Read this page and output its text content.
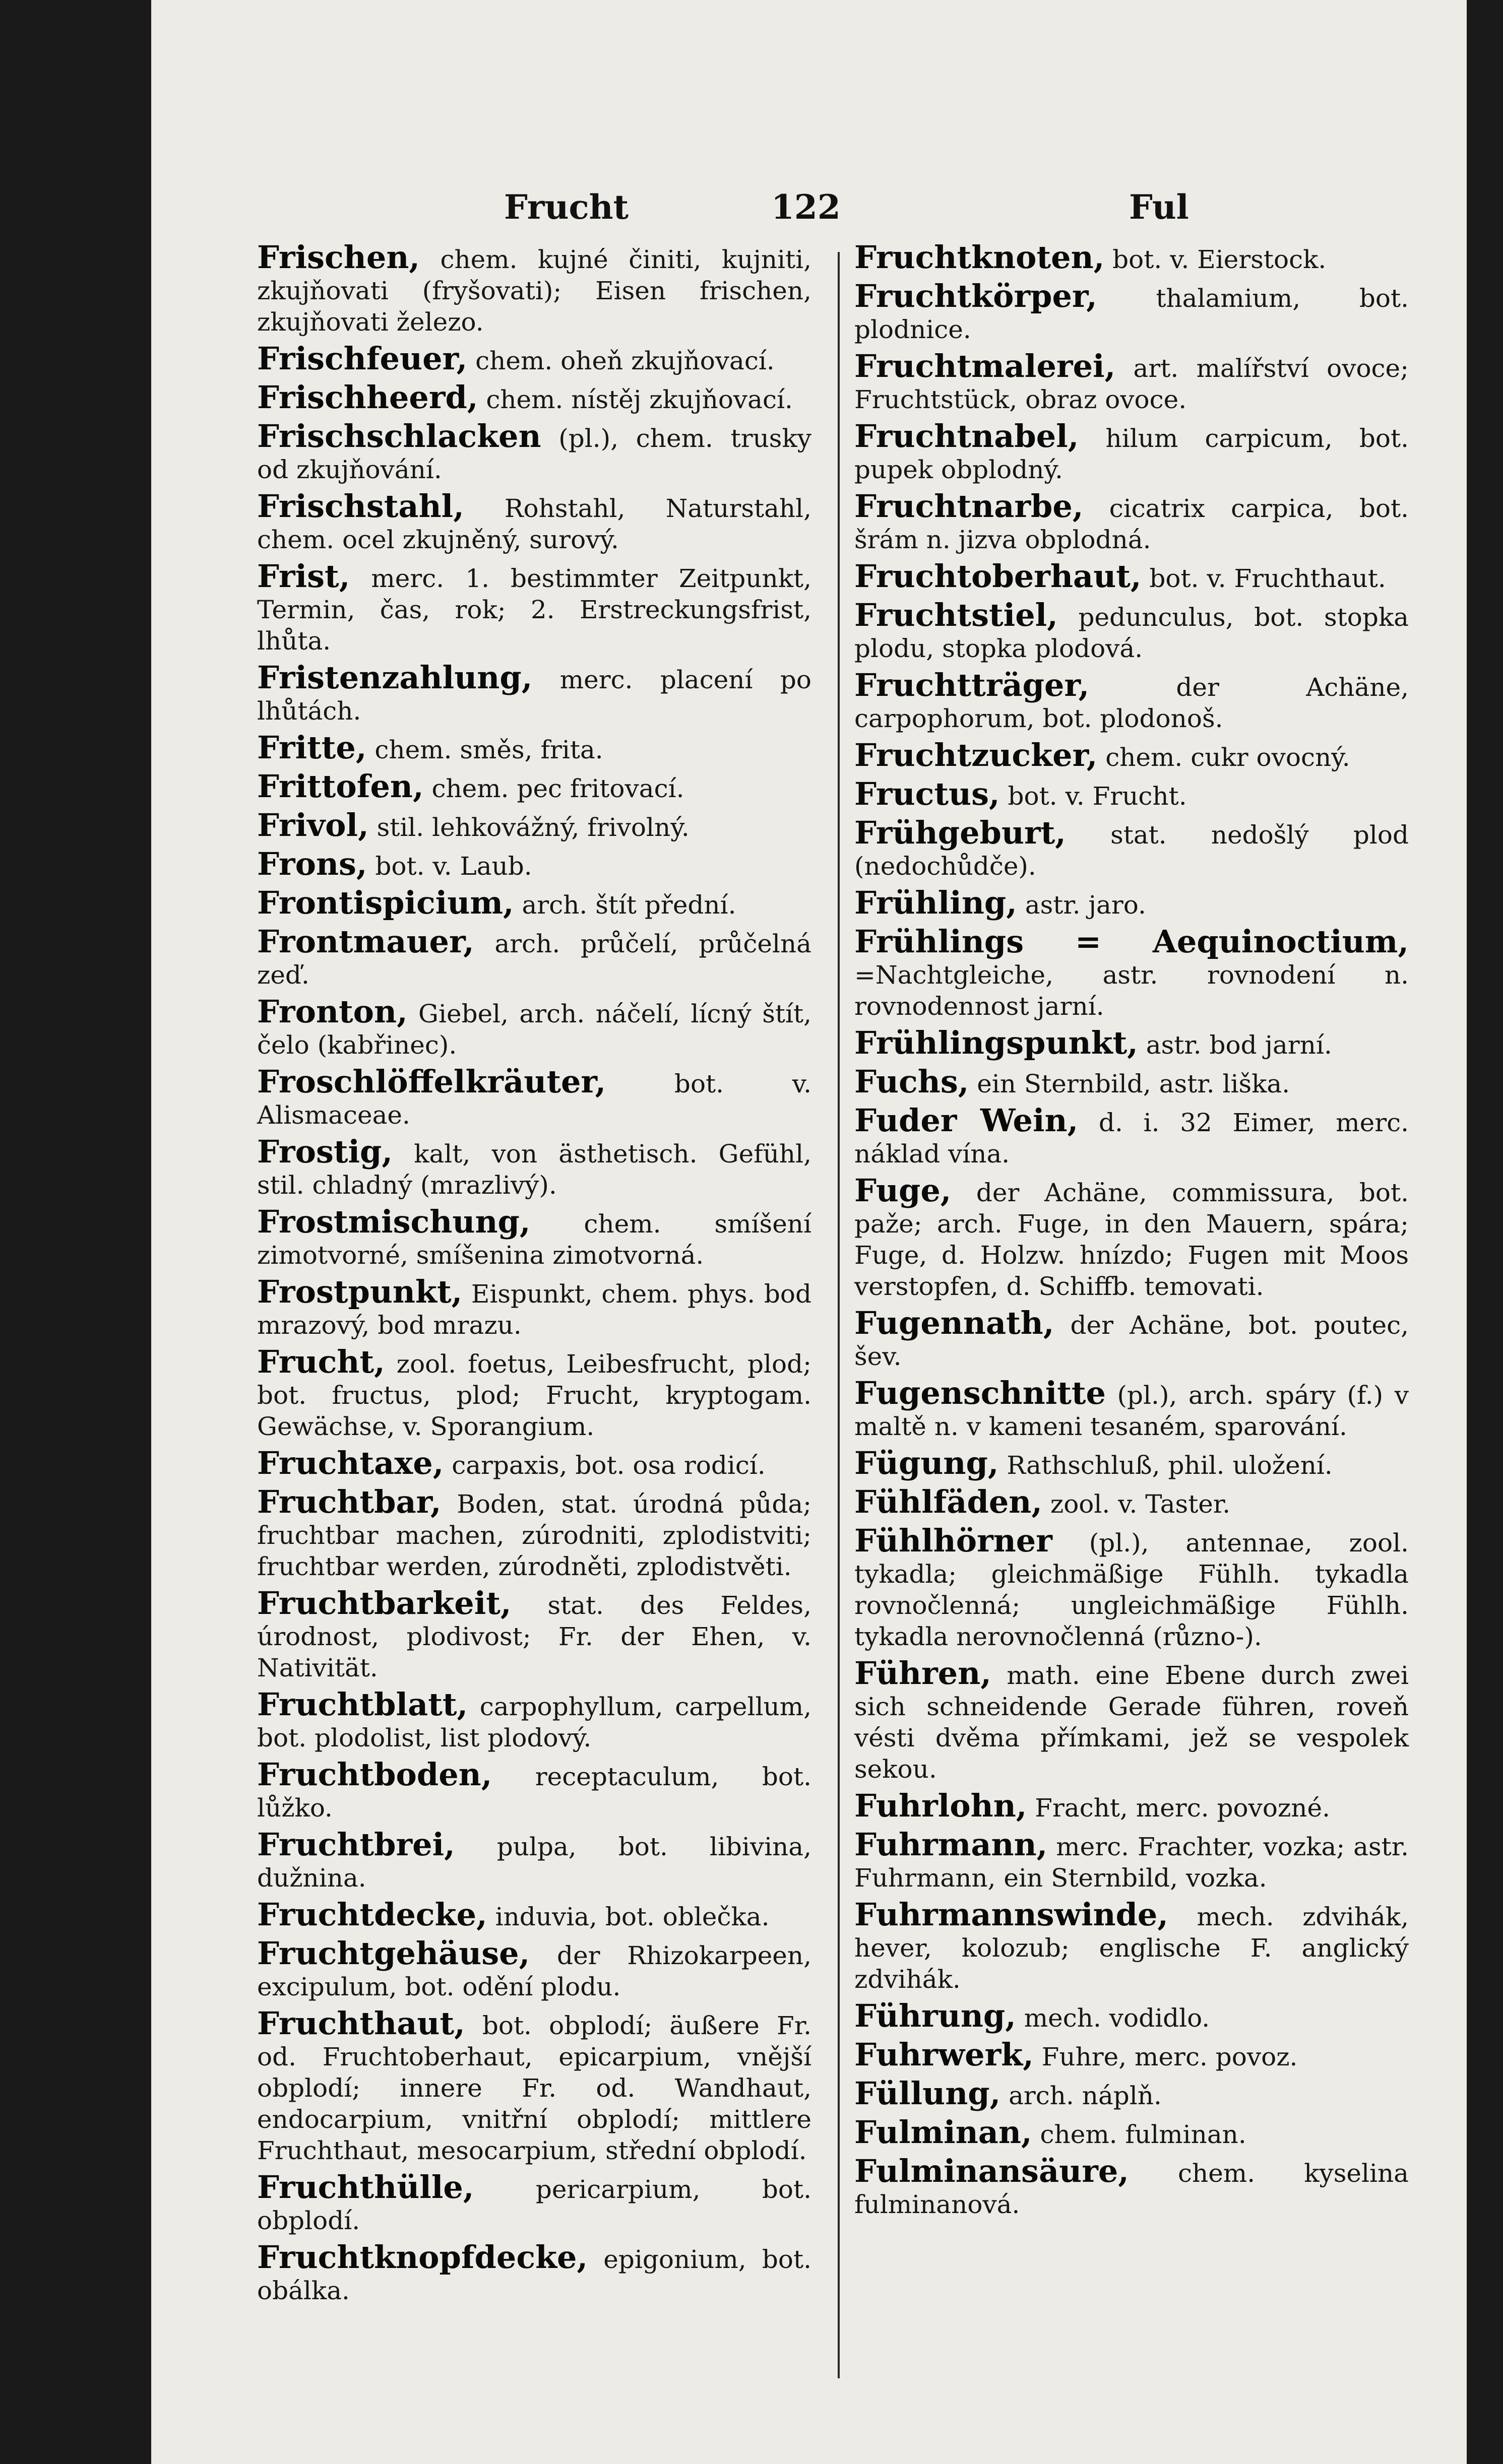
Frucht	122	Ful

Frischen, chem. kujné činiti, kujniti, zkujňovati (fryšovati); Eisen frischen, zkujňovati železo.

Frischfeuer, chem. oheň zkujňovací.

Frischheerd, chem. nístěj zkujňovací.

Frischschlacken (pl.), chem. trusky od zkujňování.

Frischstahl, Rohstahl, Naturstahl, chem. ocel zkujněný, surový.

Frist, merc. 1. bestimmter Zeitpunkt, Termin, čas, rok; 2. Erstreckungsfrist, lhůta.

Fristenzahlung, merc. placení po lhůtách.

Fritte, chem. směs, frita.

Frittofen, chem. pec fritovací.

Frivol, stil. lehkovážný, frivolný.

Frons, bot. v. Laub.

Frontispicium, arch. štít přední.

Frontmauer, arch. průčelí, průčelná zeď.

Fronton, Giebel, arch. náčelí, lícný štít, čelo (kabřinec).

Froschlöffelkräuter, bot. v. Alismaceae.

Frostig, kalt, von ästhetisch. Gefühl, stil. chladný (mrazlivý).

Frostmischung, chem. smíšení zimotvorné, smíšenina zimotvorná.

Frostpunkt, Eispunkt, chem. phys. bod mrazový, bod mrazu.

Frucht, zool. foetus, Leibesfrucht, plod; bot. fructus, plod; Frucht, kryptogam. Gewächse, v. Sporangium.

Fruchtaxe, carpaxis, bot. osa rodicí.

Fruchtbar, Boden, stat. úrodná půda; fruchtbar machen, zúrodniti, zplodistviti; fruchtbar werden, zúrodněti, zplodistvěti.

Fruchtbarkeit, stat. des Feldes, úrodnost, plodivost; Fr. der Ehen, v. Nativität.

Fruchtblatt, carpophyllum, carpellum, bot. plodolist, list plodový.

Fruchtboden, receptaculum, bot. lůžko.

Fruchtbrei, pulpa, bot. libivina, dužnina.

Fruchtdecke, induvia, bot. oblečka.

Fruchtgehäuse, der Rhizokarpeen, excipulum, bot. odění plodu.

Fruchthaut, bot. obplodí; äußere Fr. od. Fruchtoberhaut, epicarpium, vnější obplodí; innere Fr. od. Wandhaut, endocarpium, vnitřní obplodí; mittlere Fruchthaut, mesocarpium, střední obplodí.

Fruchthülle, pericarpium, bot. obplodí.

Fruchtknopfdecke, epigonium, bot. obálka.

Fruchtknoten, bot. v. Eierstock.

Fruchtkörper, thalamium, bot. plodnice.

Fruchtmalerei, art. malířství ovoce; Fruchtstück, obraz ovoce.

Fruchtnabel, hilum carpicum, bot. pupek obplodný.

Fruchtnarbe, cicatrix carpica, bot. šrám n. jizva obplodná.

Fruchtoberhaut, bot. v. Fruchthaut.

Fruchtstiel, pedunculus, bot. stopka plodu, stopka plodová.

Fruchtträger, der Achäne, carpophorum, bot. plodonoš.

Fruchtzucker, chem. cukr ovocný.

Fructus, bot. v. Frucht.

Frühgeburt, stat. nedošlý plod (nedochůdče).

Frühling, astr. jaro.

Frühlings = Aequinoctium, =Nachtgleiche, astr. rovnodení n. rovnodennost jarní.

Frühlingspunkt, astr. bod jarní.

Fuchs, ein Sternbild, astr. liška.

Fuder Wein, d. i. 32 Eimer, merc. náklad vína.

Fuge, der Achäne, commissura, bot. paže; arch. Fuge, in den Mauern, spára; Fuge, d. Holzw. hnízdo; Fugen mit Moos verstopfen, d. Schiffb. temovati.

Fugennath, der Achäne, bot. poutec, šev.

Fugenschnitte (pl.), arch. spáry (f.) v maltě n. v kameni tesaném, sparování.

Fügung, Rathschluß, phil. uložení.

Fühlfäden, zool. v. Taster.

Fühlhörner (pl.), antennae, zool. tykadla; gleichmäßige Fühlh. tykadla rovnočlenná; ungleichmäßige Fühlh. tykadla nerovnočlenná (různo-).

Führen, math. eine Ebene durch zwei sich schneidende Gerade führen, roveň vésti dvěma přímkami, jež se vespolek sekou.

Fuhrlohn, Fracht, merc. povozné.

Fuhrmann, merc. Frachter, vozka; astr. Fuhrmann, ein Sternbild, vozka.

Fuhrmannswinde, mech. zdvihák, hever, kolozub; englische F. anglický zdvihák.

Führung, mech. vodidlo.

Fuhrwerk, Fuhre, merc. povoz.

Füllung, arch. náplň.

Fulminan, chem. fulminan.

Fulminansäure, chem. kyselina fulminanová.
